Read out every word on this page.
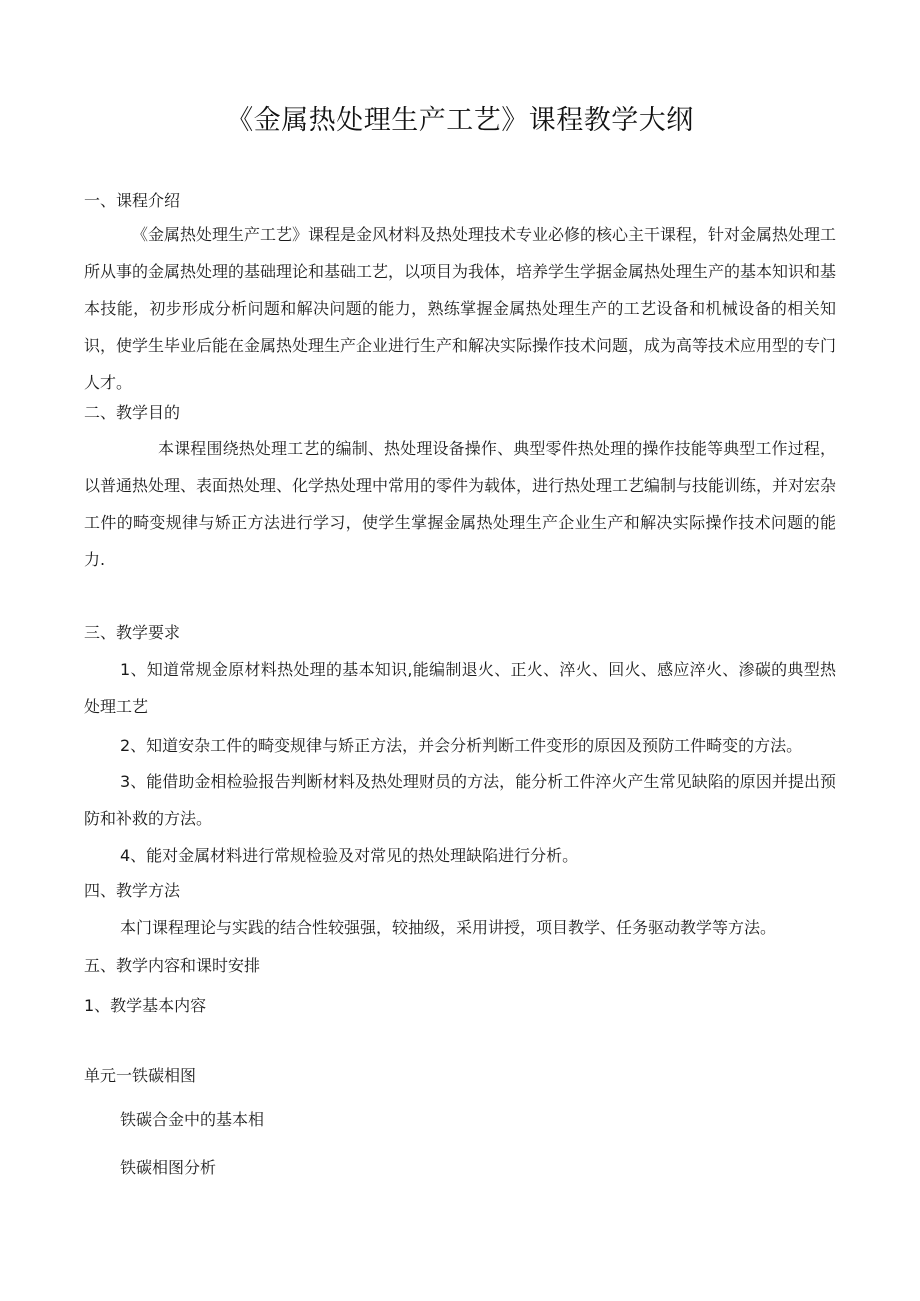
《金属热处理生产工艺》课程教学大纲
一、课程介绍
《金属热处理生产工艺》课程是金风材料及热处理技术专业必修的核心主干课程，针对金属热处理工所从事的金属热处理的基础理论和基础工艺，以项目为我体，培养学生学据金属热处理生产的基本知识和基本技能，初步形成分析问题和解决问题的能力，熟练掌握金属热处理生产的工艺设备和机械设备的相关知识，使学生毕业后能在金属热处理生产企业进行生产和解决实际操作技术问题，成为高等技术应用型的专门人才。
二、教学目的
本课程围绕热处理工艺的编制、热处理设备操作、典型零件热处理的操作技能等典型工作过程，以普通热处理、表面热处理、化学热处理中常用的零件为载体，进行热处理工艺编制与技能训练，并对宏杂工件的畸变规律与矫正方法进行学习，使学生掌握金属热处理生产企业生产和解决实际操作技术问题的能力.
三、教学要求
1、知道常规金原材料热处理的基本知识,能编制退火、正火、淬火、回火、感应淬火、渗碳的典型热处理工艺
2、知道安杂工件的畸变规律与矫正方法，并会分析判断工件变形的原因及预防工件畸变的方法。
3、能借助金相检验报告判断材料及热处理财员的方法，能分析工件淬火产生常见缺陷的原因并提出预防和补救的方法。
4、能对金属材料进行常规检验及对常见的热处理缺陷进行分析。
四、教学方法
本门课程理论与实践的结合性较强强，较抽级，采用讲授，项目教学、任务驱动教学等方法。
五、教学内容和课时安排
1、教学基本内容
单元一铁碳相图
铁碳合金中的基本相
铁碳相图分析
